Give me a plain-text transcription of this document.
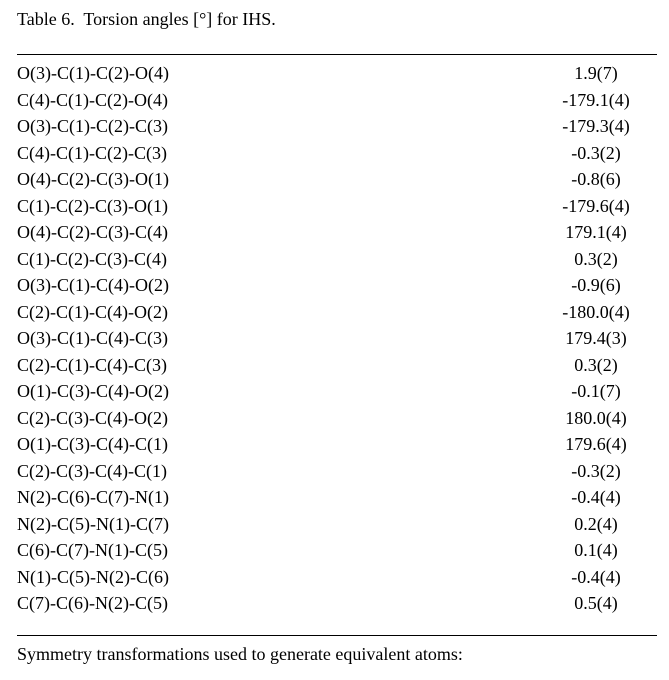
Table 6.  Torsion angles [°] for IHS.
O(3)-C(1)-C(2)-O(4)	1.9(7)
C(4)-C(1)-C(2)-O(4)	-179.1(4)
O(3)-C(1)-C(2)-C(3)	-179.3(4)
C(4)-C(1)-C(2)-C(3)	-0.3(2)
O(4)-C(2)-C(3)-O(1)	-0.8(6)
C(1)-C(2)-C(3)-O(1)	-179.6(4)
O(4)-C(2)-C(3)-C(4)	179.1(4)
C(1)-C(2)-C(3)-C(4)	0.3(2)
O(3)-C(1)-C(4)-O(2)	-0.9(6)
C(2)-C(1)-C(4)-O(2)	-180.0(4)
O(3)-C(1)-C(4)-C(3)	179.4(3)
C(2)-C(1)-C(4)-C(3)	0.3(2)
O(1)-C(3)-C(4)-O(2)	-0.1(7)
C(2)-C(3)-C(4)-O(2)	180.0(4)
O(1)-C(3)-C(4)-C(1)	179.6(4)
C(2)-C(3)-C(4)-C(1)	-0.3(2)
N(2)-C(6)-C(7)-N(1)	-0.4(4)
N(2)-C(5)-N(1)-C(7)	0.2(4)
C(6)-C(7)-N(1)-C(5)	0.1(4)
N(1)-C(5)-N(2)-C(6)	-0.4(4)
C(7)-C(6)-N(2)-C(5)	0.5(4)
Symmetry transformations used to generate equivalent atoms:
